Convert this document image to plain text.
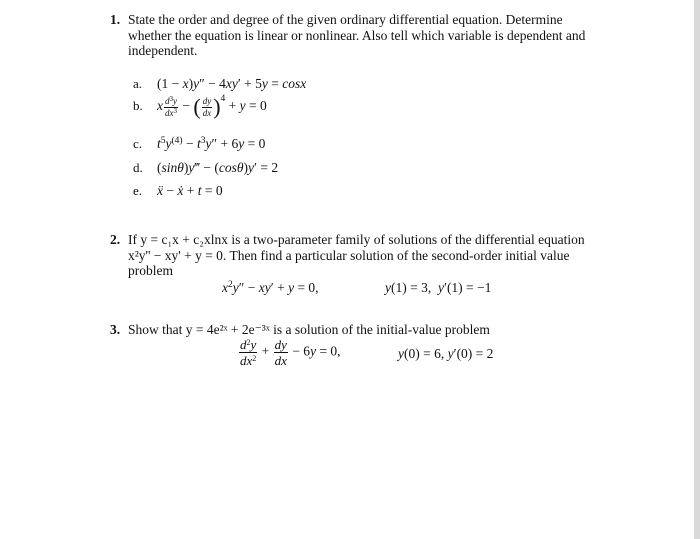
1. State the order and degree of the given ordinary differential equation. Determine whether the equation is linear or nonlinear. Also tell which variable is dependent and independent.
a. (1 − x)y″ − 4xy′ + 5y = cosx
b. x $\frac{d^3y}{dx^3}$ − ( $\frac{dy}{dx} )^4 + y = 0$
c. $t^5y^{(4)} - t^3y'' + 6y = 0$
d. (sinθ)y‴ − (cosθ)y′ = 2
e. ẍ − ẋ + t = 0
2. If y = c₁x + c₂xlnx is a two-parameter family of solutions of the differential equation x²y'' − xy' + y = 0. Then find a particular solution of the second-order initial value problem
$x^2y'' - xy' + y = 0$,	y(1) = 3,  y′(1) = −1
3. Show that y = 4e²ˣ + 2e⁻³ˣ is a solution of the initial-value problem
$\frac{d^2y}{dx^2} + \frac{dy}{dx} - 6y = 0$,	y(0) = 6, y′(0) = 2
